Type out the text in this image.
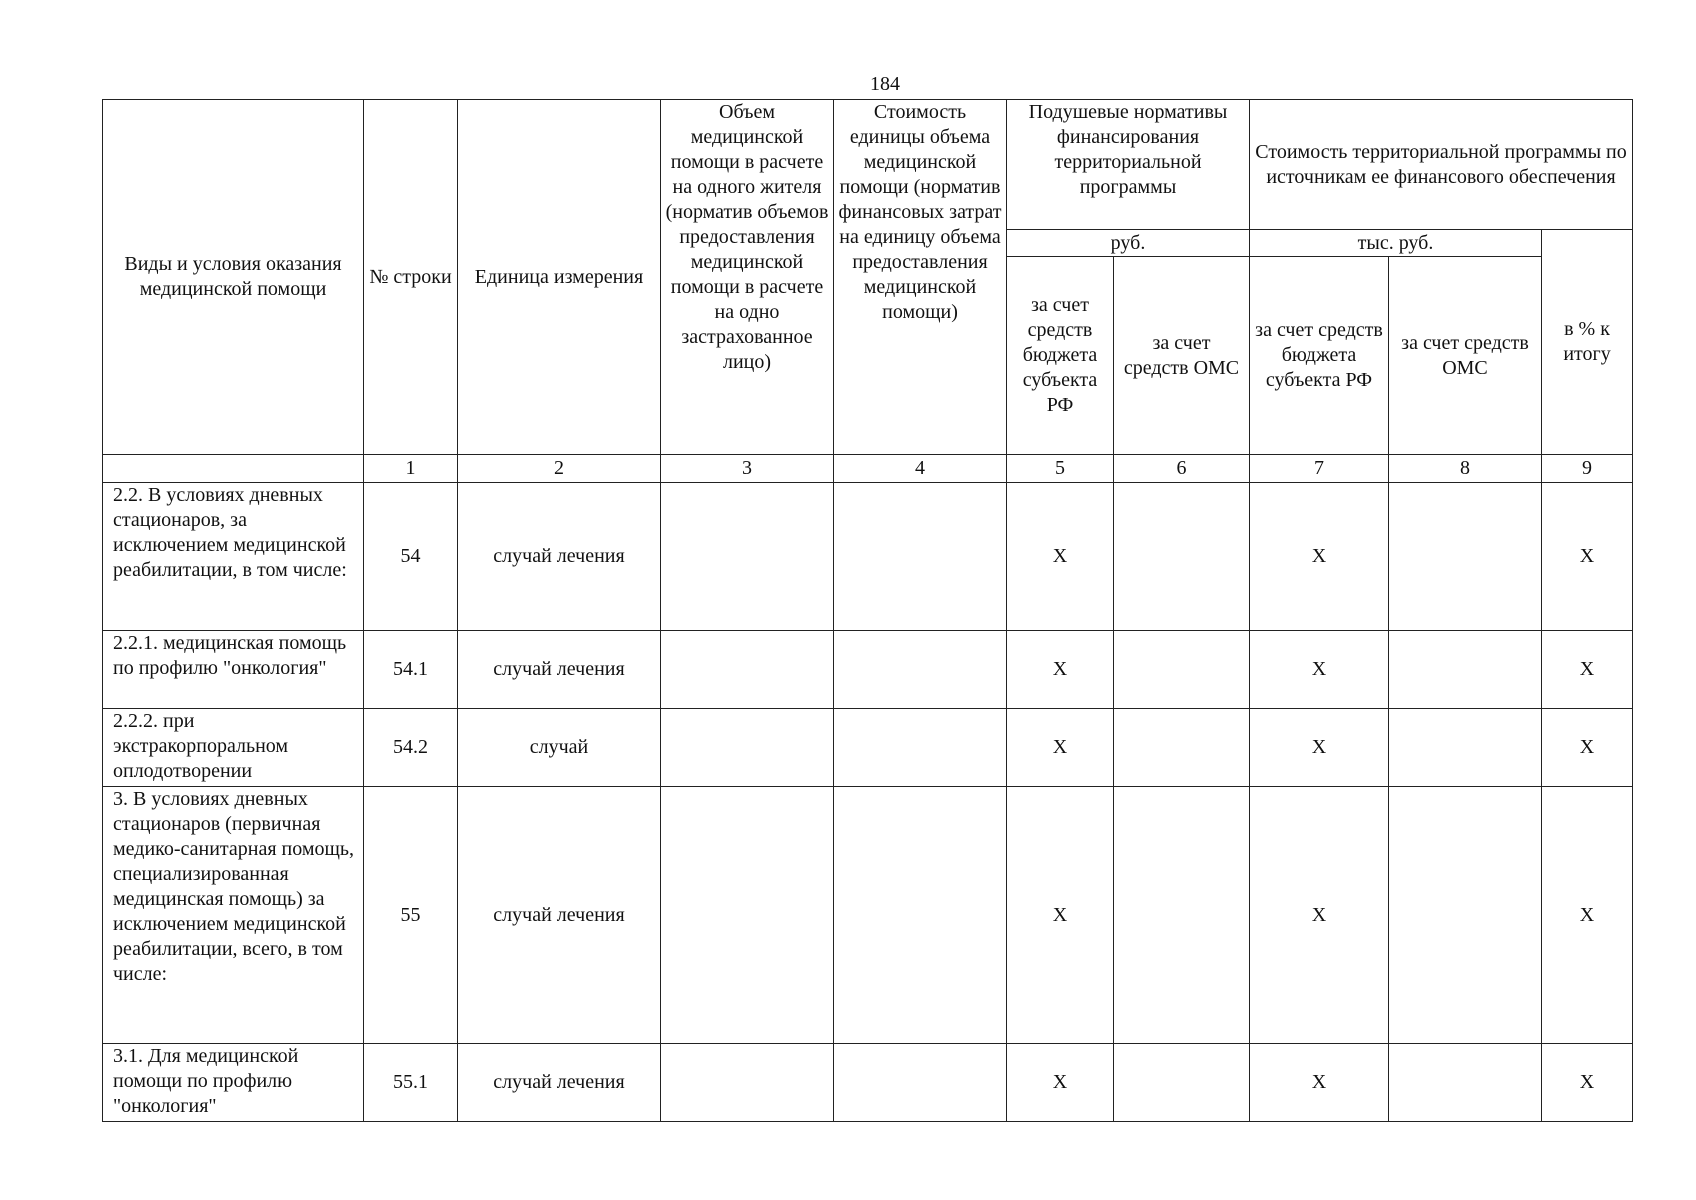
184
Виды и условия оказания медицинской помощи	№ строки	Единица измерения	Объем медицинской помощи в расчете на одного жителя (норматив объемов предоставления медицинской помощи в расчете на одно застрахованное лицо)	Стоимость единицы объема медицинской помощи (норматив финансовых затрат на единицу объема предоставления медицинской помощи)	Подушевые нормативы финансирования территориальной программы		Стоимость территориальной программы по источникам ее финансового обеспечения		
					руб.		тыс. руб.		в % к итогу
					за счет средств бюджета субъекта РФ	за счет средств ОМС	за счет средств бюджета субъекта РФ	за счет средств ОМС	
	1	2	3	4	5	6	7	8	9
2.2. В условиях дневных стационаров, за исключением медицинской реабилитации, в том числе:	54	случай лечения			X		X		X
2.2.1. медицинская помощь по профилю "онкология"	54.1	случай лечения			X		X		X
2.2.2. при экстракорпоральном оплодотворении	54.2	случай			X		X		X
3. В условиях дневных стационаров (первичная медико-санитарная помощь, специализированная медицинская помощь) за исключением медицинской реабилитации, всего, в том числе:	55	случай лечения			X		X		X
3.1. Для медицинской помощи по профилю "онкология"	55.1	случай лечения			X		X		X
